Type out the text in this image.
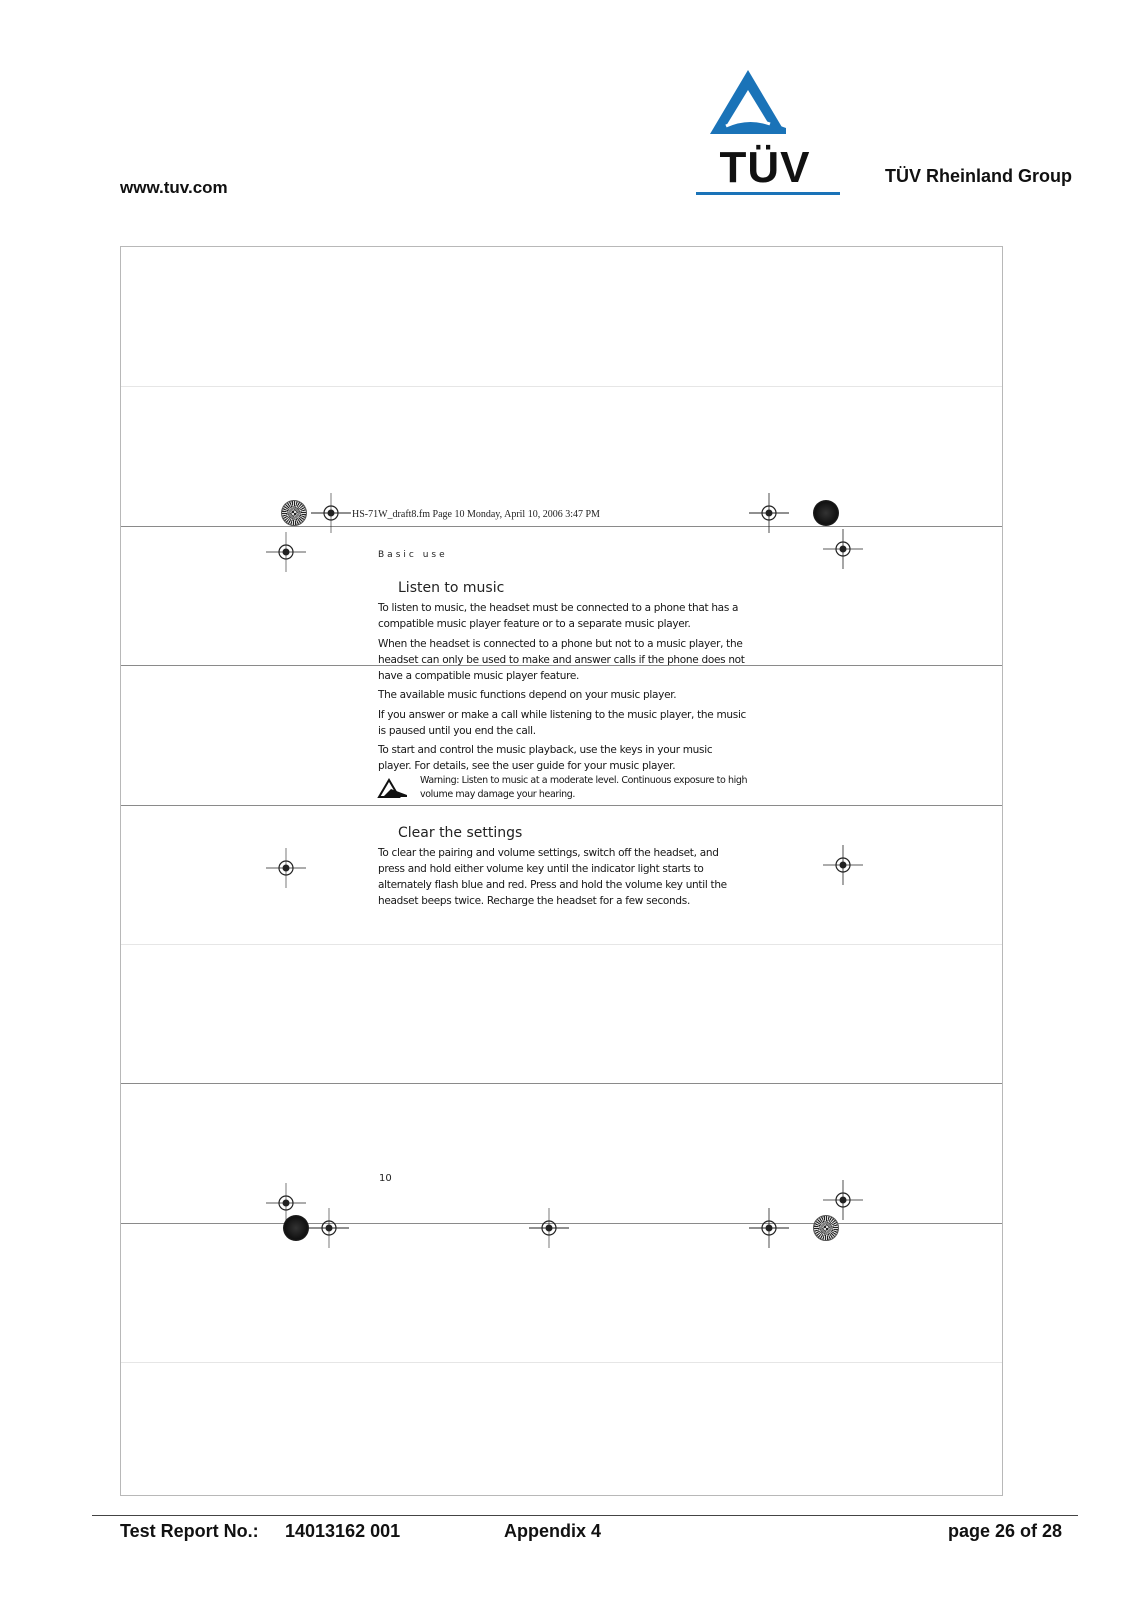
www.tuv.com	TÜV	TÜV Rheinland Group
HS-71W_draft8.fm Page 10 Monday, April 10, 2006 3:47 PM
Basic use
Listen to music
To listen to music, the headset must be connected to a phone that has a compatible music player feature or to a separate music player.
When the headset is connected to a phone but not to a music player, the headset can only be used to make and answer calls if the phone does not have a compatible music player feature.
The available music functions depend on your music player.
If you answer or make a call while listening to the music player, the music is paused until you end the call.
To start and control the music playback, use the keys in your music player. For details, see the user guide for your music player.
Warning: Listen to music at a moderate level. Continuous exposure to high volume may damage your hearing.
Clear the settings
To clear the pairing and volume settings, switch off the headset, and press and hold either volume key until the indicator light starts to alternately flash blue and red. Press and hold the volume key until the headset beeps twice. Recharge the headset for a few seconds.
10
Test Report No.: 14013162 001	Appendix 4	page 26 of 28
